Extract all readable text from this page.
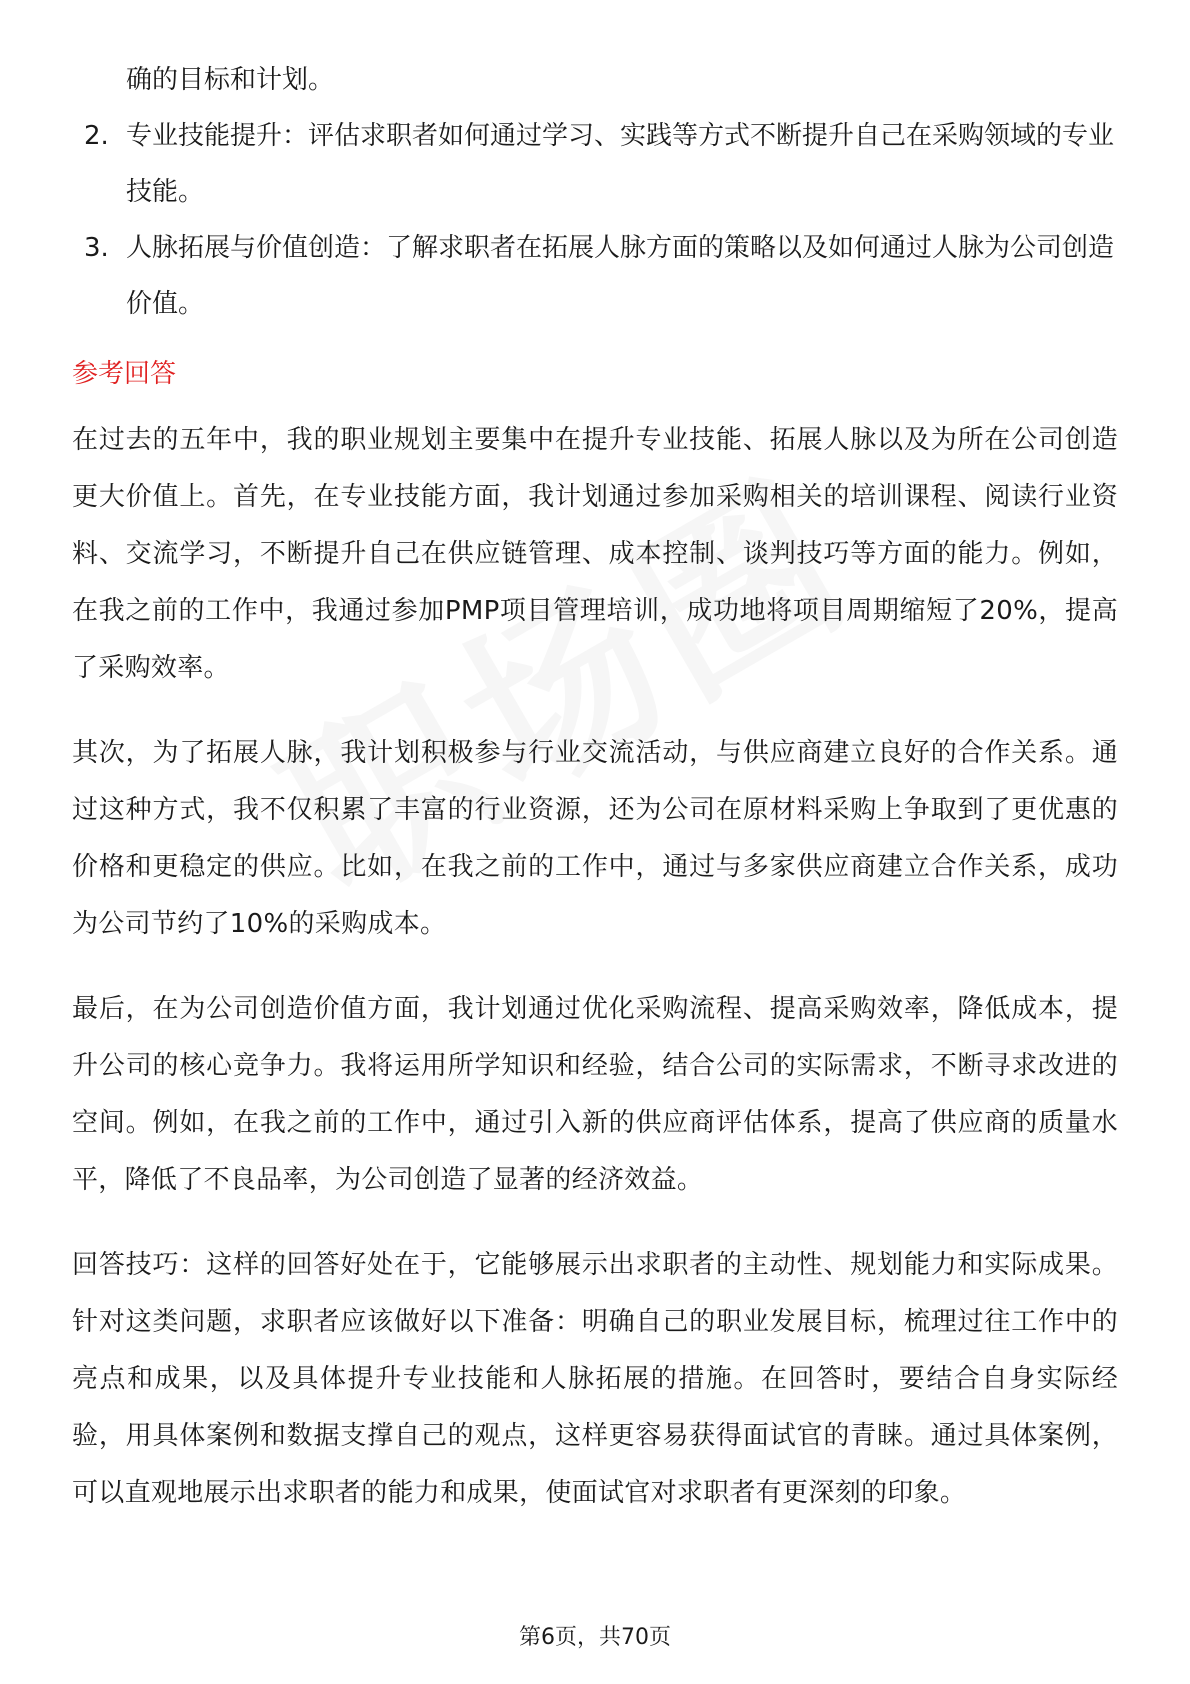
确的目标和计划。
2. 专业技能提升：评估求职者如何通过学习、实践等方式不断提升自己在采购领域的专业技能。
3. 人脉拓展与价值创造：了解求职者在拓展人脉方面的策略以及如何通过人脉为公司创造价值。
参考回答

在过去的五年中，我的职业规划主要集中在提升专业技能、拓展人脉以及为所在公司创造更大价值上。首先，在专业技能方面，我计划通过参加采购相关的培训课程、阅读行业资料、交流学习，不断提升自己在供应链管理、成本控制、谈判技巧等方面的能力。例如，在我之前的工作中，我通过参加PMP项目管理培训，成功地将项目周期缩短了20%，提高了采购效率。

其次，为了拓展人脉，我计划积极参与行业交流活动，与供应商建立良好的合作关系。通过这种方式，我不仅积累了丰富的行业资源，还为公司在原材料采购上争取到了更优惠的价格和更稳定的供应。比如，在我之前的工作中，通过与多家供应商建立合作关系，成功为公司节约了10%的采购成本。

最后，在为公司创造价值方面，我计划通过优化采购流程、提高采购效率，降低成本，提升公司的核心竞争力。我将运用所学知识和经验，结合公司的实际需求，不断寻求改进的空间。例如，在我之前的工作中，通过引入新的供应商评估体系，提高了供应商的质量水平，降低了不良品率，为公司创造了显著的经济效益。

回答技巧：这样的回答好处在于，它能够展示出求职者的主动性、规划能力和实际成果。针对这类问题，求职者应该做好以下准备：明确自己的职业发展目标，梳理过往工作中的亮点和成果，以及具体提升专业技能和人脉拓展的措施。在回答时，要结合自身实际经验，用具体案例和数据支撑自己的观点，这样更容易获得面试官的青睐。通过具体案例，可以直观地展示出求职者的能力和成果，使面试官对求职者有更深刻的印象。

第6页，共70页
